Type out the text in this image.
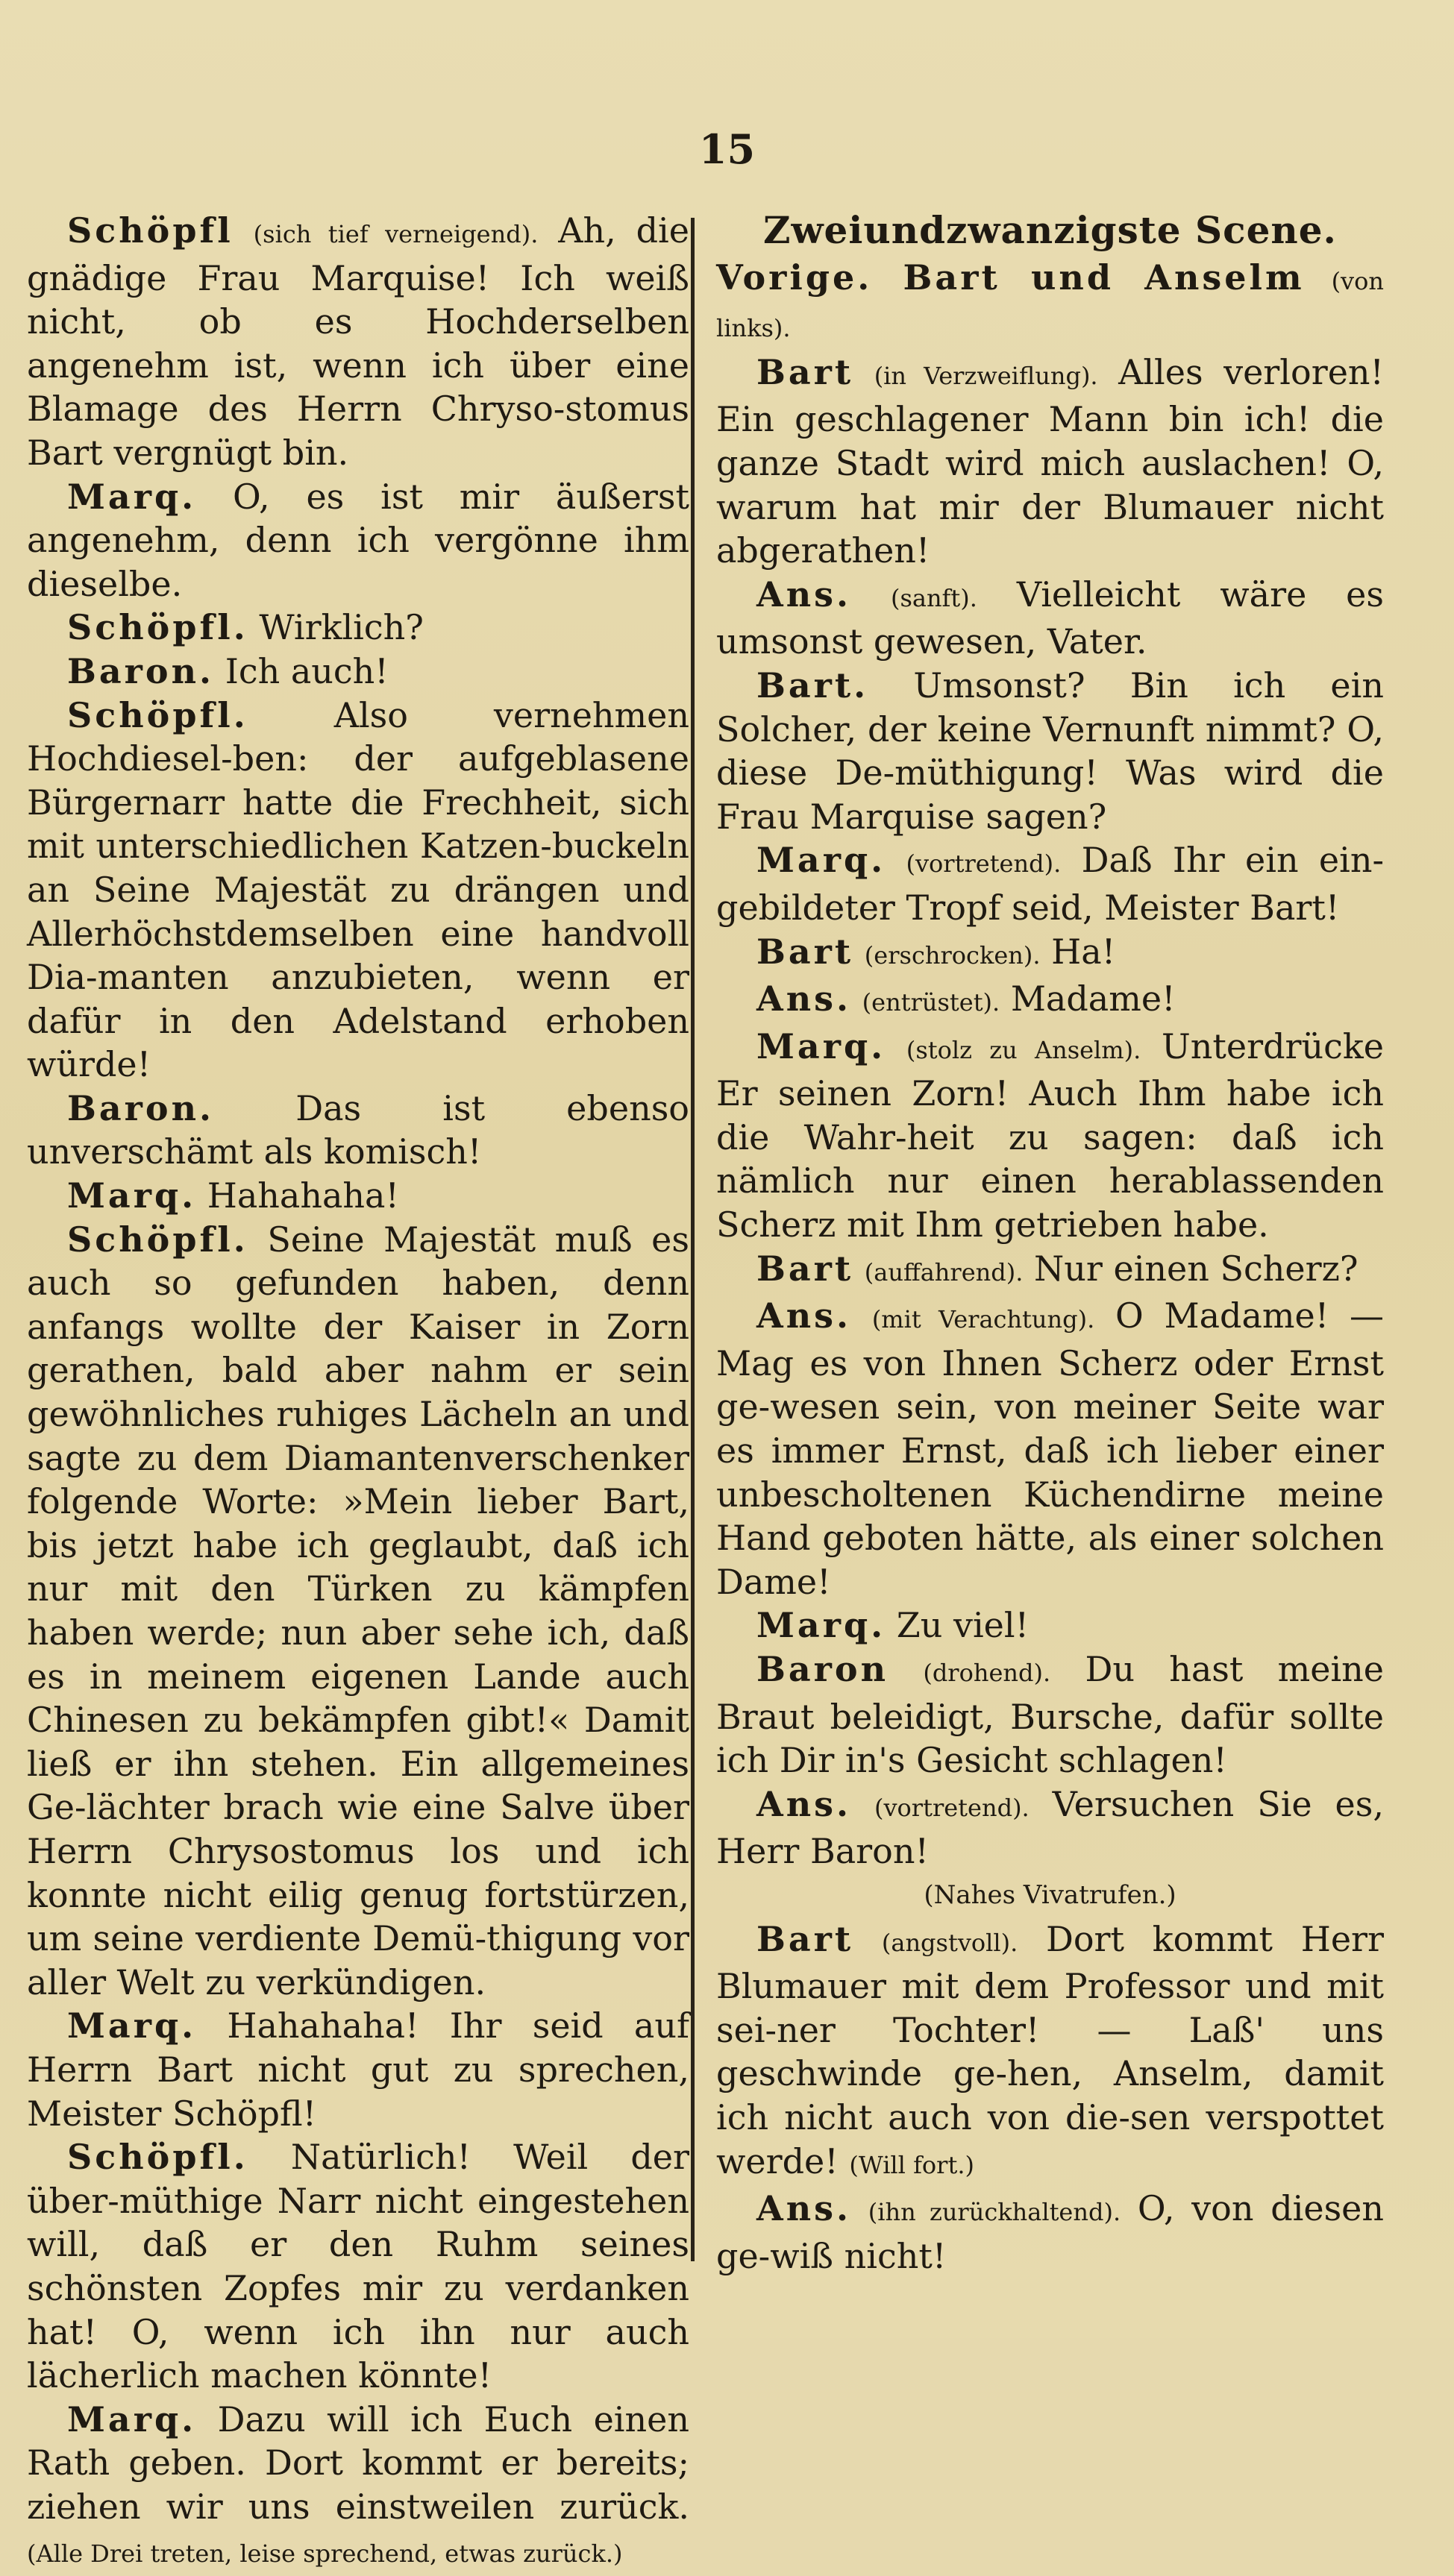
15

Schöpfl (sich tief verneigend). Ah, die gnädige Frau Marquise! Ich weiß nicht, ob es Hochderselben angenehm ist, wenn ich über eine Blamage des Herrn Chryso-stomus Bart vergnügt bin.

Marq. O, es ist mir äußerst angenehm, denn ich vergönne ihm dieselbe.

Schöpfl. Wirklich?

Baron. Ich auch!

Schöpfl. Also vernehmen Hochdiesel-ben: der aufgeblasene Bürgernarr hatte die Frechheit, sich mit unterschiedlichen Katzen-buckeln an Seine Majestät zu drängen und Allerhöchstdemselben eine handvoll Dia-manten anzubieten, wenn er dafür in den Adelstand erhoben würde!

Baron. Das ist ebenso unverschämt als komisch!

Marq. Hahahaha!

Schöpfl. Seine Majestät muß es auch so gefunden haben, denn anfangs wollte der Kaiser in Zorn gerathen, bald aber nahm er sein gewöhnliches ruhiges Lächeln an und sagte zu dem Diamantenverschenker folgende Worte: »Mein lieber Bart, bis jetzt habe ich geglaubt, daß ich nur mit den Türken zu kämpfen haben werde; nun aber sehe ich, daß es in meinem eigenen Lande auch Chinesen zu bekämpfen gibt!« Damit ließ er ihn stehen. Ein allgemeines Ge-lächter brach wie eine Salve über Herrn Chrysostomus los und ich konnte nicht eilig genug fortstürzen, um seine verdiente Demü-thigung vor aller Welt zu verkündigen.

Marq. Hahahaha! Ihr seid auf Herrn Bart nicht gut zu sprechen, Meister Schöpfl!

Schöpfl. Natürlich! Weil der über-müthige Narr nicht eingestehen will, daß er den Ruhm seines schönsten Zopfes mir zu verdanken hat! O, wenn ich ihn nur auch lächerlich machen könnte!

Marq. Dazu will ich Euch einen Rath geben. Dort kommt er bereits; ziehen wir uns einstweilen zurück. (Alle Drei treten, leise sprechend, etwas zurück.)

Zweiundzwanzigste Scene.

Vorige. Bart und Anselm (von links).

Bart (in Verzweiflung). Alles verloren! Ein geschlagener Mann bin ich! die ganze Stadt wird mich auslachen! O, warum hat mir der Blumauer nicht abgerathen!

Ans. (sanft). Vielleicht wäre es umsonst gewesen, Vater.

Bart. Umsonst? Bin ich ein Solcher, der keine Vernunft nimmt? O, diese De-müthigung! Was wird die Frau Marquise sagen?

Marq. (vortretend). Daß Ihr ein ein-gebildeter Tropf seid, Meister Bart!

Bart (erschrocken). Ha!

Ans. (entrüstet). Madame!

Marq. (stolz zu Anselm). Unterdrücke Er seinen Zorn! Auch Ihm habe ich die Wahr-heit zu sagen: daß ich nämlich nur einen herablassenden Scherz mit Ihm getrieben habe.

Bart (auffahrend). Nur einen Scherz?

Ans. (mit Verachtung). O Madame! — Mag es von Ihnen Scherz oder Ernst ge-wesen sein, von meiner Seite war es immer Ernst, daß ich lieber einer unbescholtenen Küchendirne meine Hand geboten hätte, als einer solchen Dame!

Marq. Zu viel!

Baron (drohend). Du hast meine Braut beleidigt, Bursche, dafür sollte ich Dir in's Gesicht schlagen!

Ans. (vortretend). Versuchen Sie es, Herr Baron!

(Nahes Vivatrufen.)

Bart (angstvoll). Dort kommt Herr Blumauer mit dem Professor und mit sei-ner Tochter! — Laß' uns geschwinde ge-hen, Anselm, damit ich nicht auch von die-sen verspottet werde! (Will fort.)

Ans. (ihn zurückhaltend). O, von diesen ge-wiß nicht!
